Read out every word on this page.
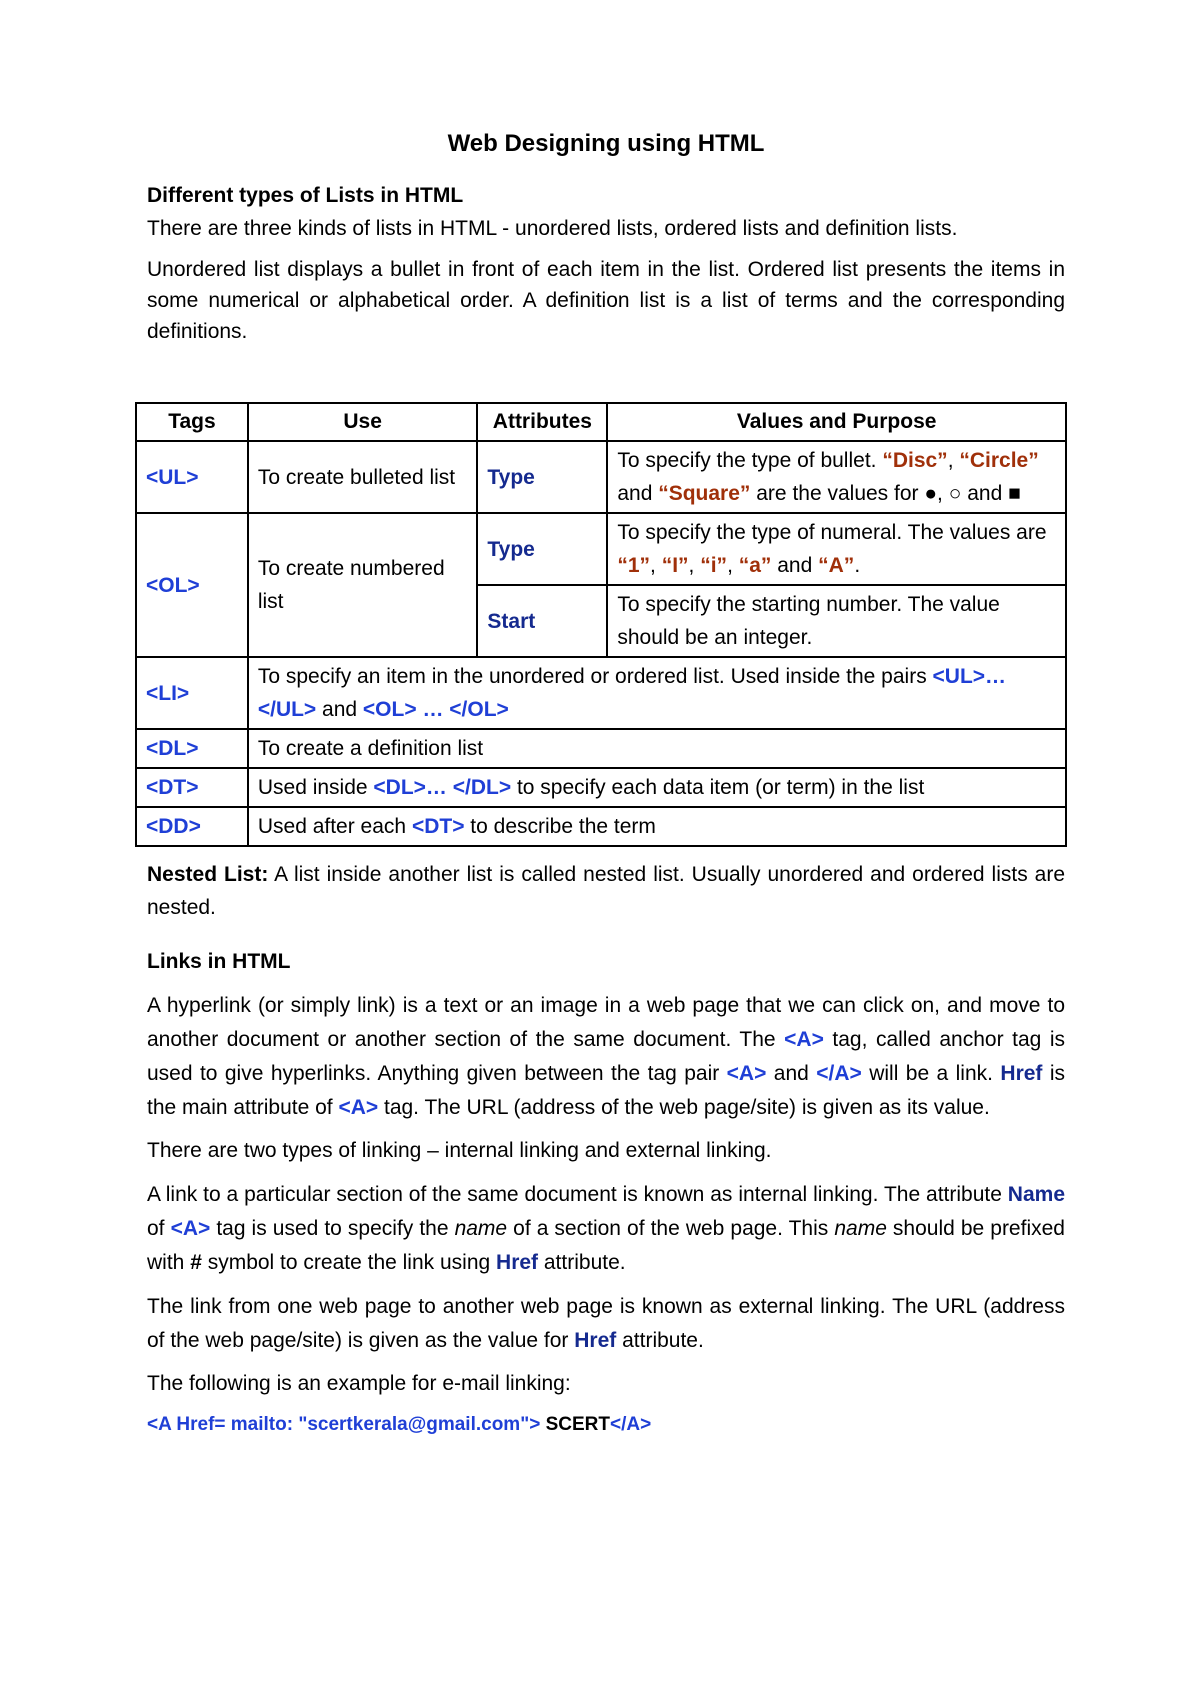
Web Designing using HTML

Different types of Lists in HTML

There are three kinds of lists in HTML - unordered lists, ordered lists and definition lists.

Unordered list displays a bullet in front of each item in the list. Ordered list presents the items in some numerical or alphabetical order. A definition list is a list of terms and the corresponding definitions.

Tags	Use	Attributes	Values and Purpose
<UL>	To create bulleted list	Type	To specify the type of bullet. “Disc”, “Circle” and “Square” are the values for ●, ○ and ■
<OL>	To create numbered list	Type	To specify the type of numeral. The values are “1”, “I”, “i”, “a” and “A”.
		Start	To specify the starting number. The value should be an integer.
<LI>	To specify an item in the unordered or ordered list. Used inside the pairs <UL>…</UL> and <OL> … </OL>		
<DL>	To create a definition list		
<DT>	Used inside <DL>… </DL> to specify each data item (or term) in the list		
<DD>	Used after each <DT> to describe the term		

Nested List: A list inside another list is called nested list. Usually unordered and ordered lists are nested.

Links in HTML

A hyperlink (or simply link) is a text or an image in a web page that we can click on, and move to another document or another section of the same document. The <A> tag, called anchor tag is used to give hyperlinks. Anything given between the tag pair <A> and </A> will be a link. Href is the main attribute of <A> tag. The URL (address of the web page/site) is given as its value.

There are two types of linking – internal linking and external linking.

A link to a particular section of the same document is known as internal linking. The attribute Name of <A> tag is used to specify the name of a section of the web page. This name should be prefixed with # symbol to create the link using Href attribute.

The link from one web page to another web page is known as external linking. The URL (address of the web page/site) is given as the value for Href attribute.

The following is an example for e-mail linking:

<A Href= mailto: "scertkerala@gmail.com"> SCERT</A>
